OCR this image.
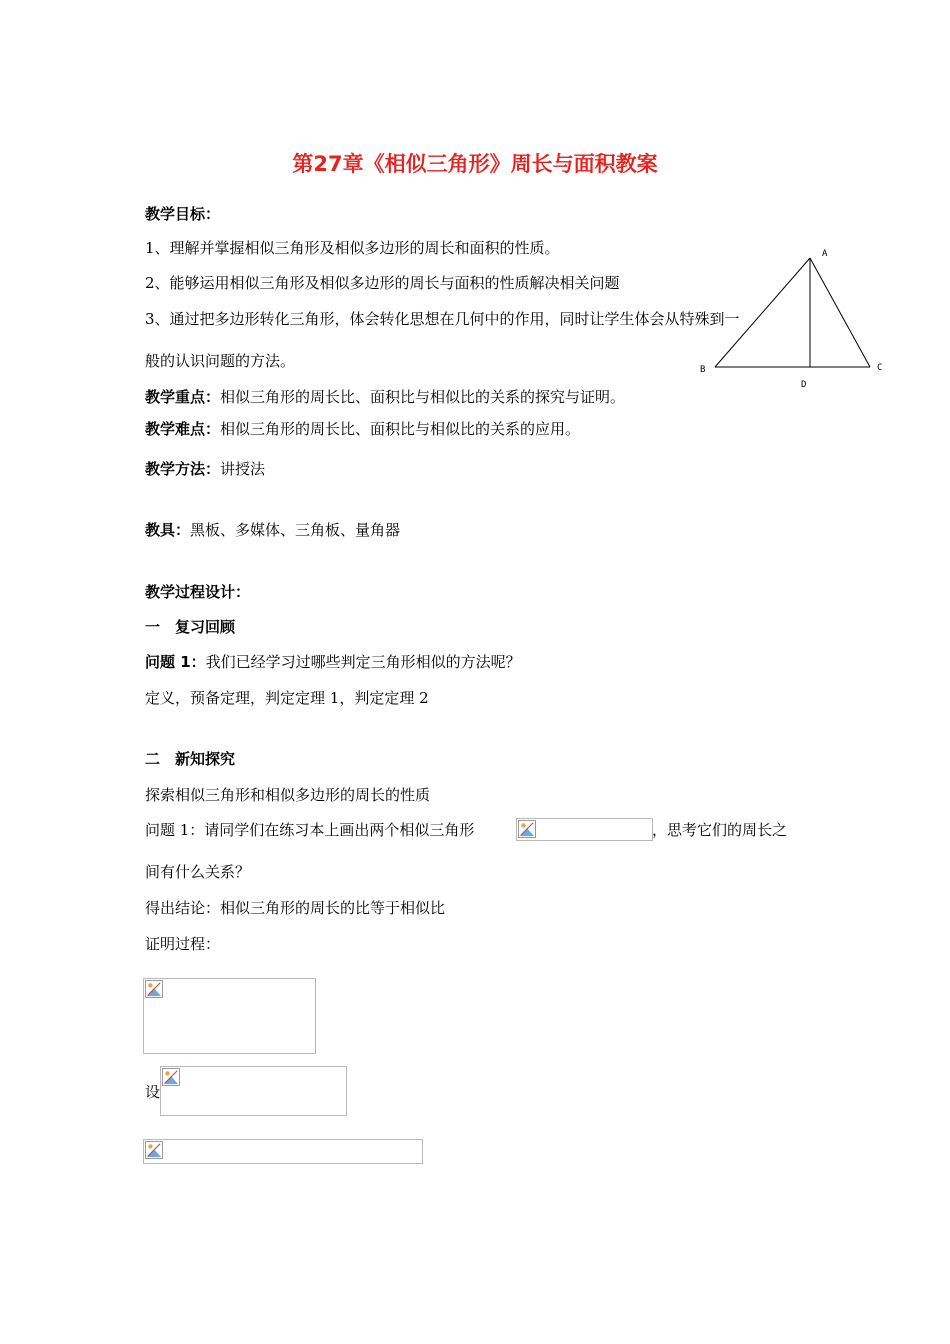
第27章《相似三角形》周长与面积教案
教学目标：
1、理解并掌握相似三角形及相似多边形的周长和面积的性质。
2、能够运用相似三角形及相似多边形的周长与面积的性质解决相关问题
3、通过把多边形转化三角形，体会转化思想在几何中的作用，同时让学生体会从特殊到一
般的认识问题的方法。
A
B	C
D
教学重点：相似三角形的周长比、面积比与相似比的关系的探究与证明。
教学难点：相似三角形的周长比、面积比与相似比的关系的应用。
教学方法：讲授法
教具：黑板、多媒体、三角板、量角器
教学过程设计：
一　复习回顾
问题 1：我们已经学习过哪些判定三角形相似的方法呢？
定义，预备定理，判定定理 1，判定定理 2
二　新知探究
探索相似三角形和相似多边形的周长的性质
问题 1：请同学们在练习本上画出两个相似三角形	，思考它们的周长之
间有什么关系？
得出结论：相似三角形的周长的比等于相似比
证明过程：
设
